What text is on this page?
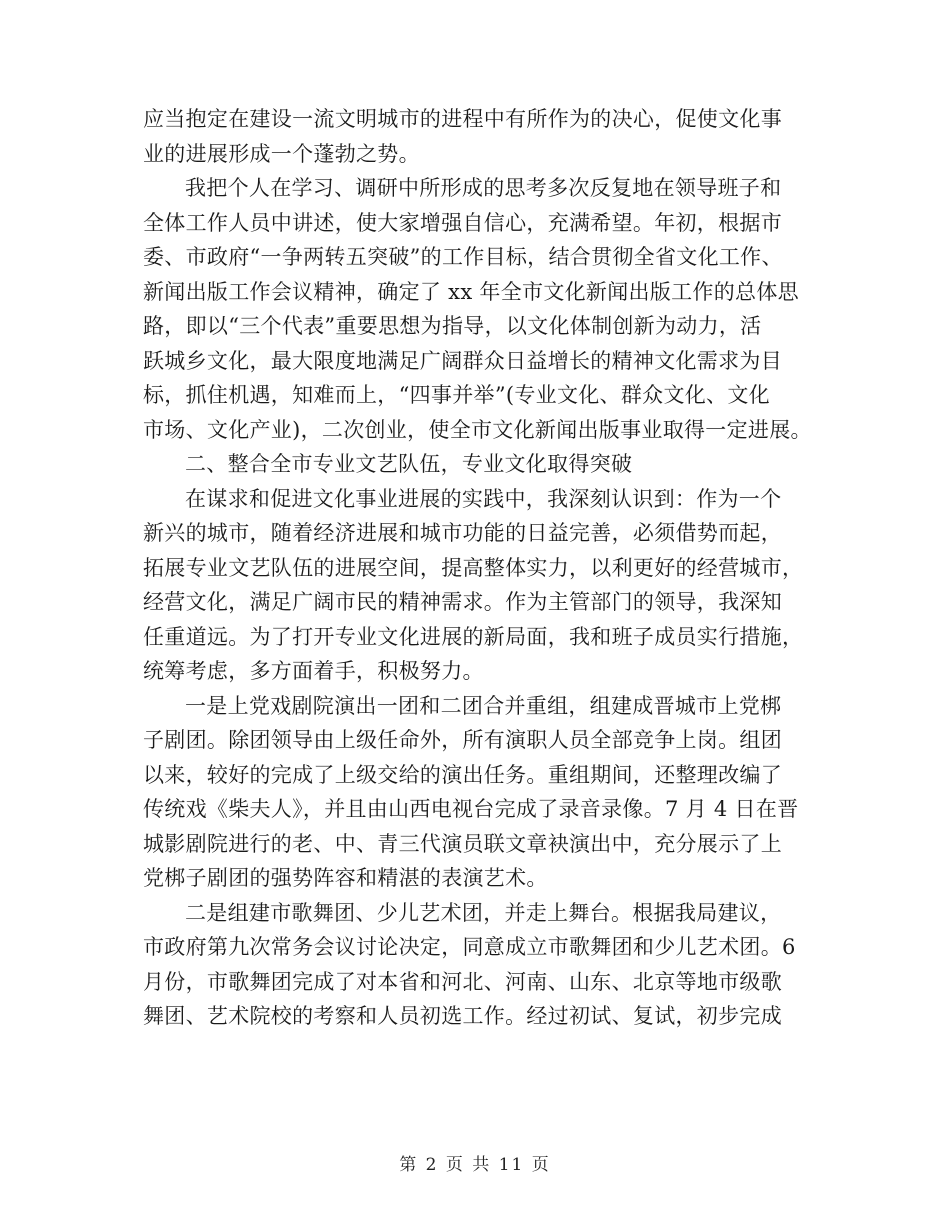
应当抱定在建设一流文明城市的进程中有所作为的决心，促使文化事
业的进展形成一个蓬勃之势。
我把个人在学习、调研中所形成的思考多次反复地在领导班子和
全体工作人员中讲述，使大家增强自信心，充满希望。年初，根据市
委、市政府“一争两转五突破”的工作目标，结合贯彻全省文化工作、
新闻出版工作会议精神，确定了 xx 年全市文化新闻出版工作的总体思
路，即以“三个代表”重要思想为指导，以文化体制创新为动力，活
跃城乡文化，最大限度地满足广阔群众日益增长的精神文化需求为目
标，抓住机遇，知难而上，“四事并举”(专业文化、群众文化、文化
市场、文化产业)，二次创业，使全市文化新闻出版事业取得一定进展。
二、整合全市专业文艺队伍，专业文化取得突破
在谋求和促进文化事业进展的实践中，我深刻认识到：作为一个
新兴的城市，随着经济进展和城市功能的日益完善，必须借势而起，
拓展专业文艺队伍的进展空间，提高整体实力，以利更好的经营城市，
经营文化，满足广阔市民的精神需求。作为主管部门的领导，我深知
任重道远。为了打开专业文化进展的新局面，我和班子成员实行措施，
统筹考虑，多方面着手，积极努力。
一是上党戏剧院演出一团和二团合并重组，组建成晋城市上党梆
子剧团。除团领导由上级任命外，所有演职人员全部竞争上岗。组团
以来，较好的完成了上级交给的演出任务。重组期间，还整理改编了
传统戏《柴夫人》，并且由山西电视台完成了录音录像。7 月 4 日在晋
城影剧院进行的老、中、青三代演员联文章袂演出中，充分展示了上
党梆子剧团的强势阵容和精湛的表演艺术。
二是组建市歌舞团、少儿艺术团，并走上舞台。根据我局建议，
市政府第九次常务会议讨论决定，同意成立市歌舞团和少儿艺术团。6
月份，市歌舞团完成了对本省和河北、河南、山东、北京等地市级歌
舞团、艺术院校的考察和人员初选工作。经过初试、复试，初步完成
第 2 页 共 11 页
